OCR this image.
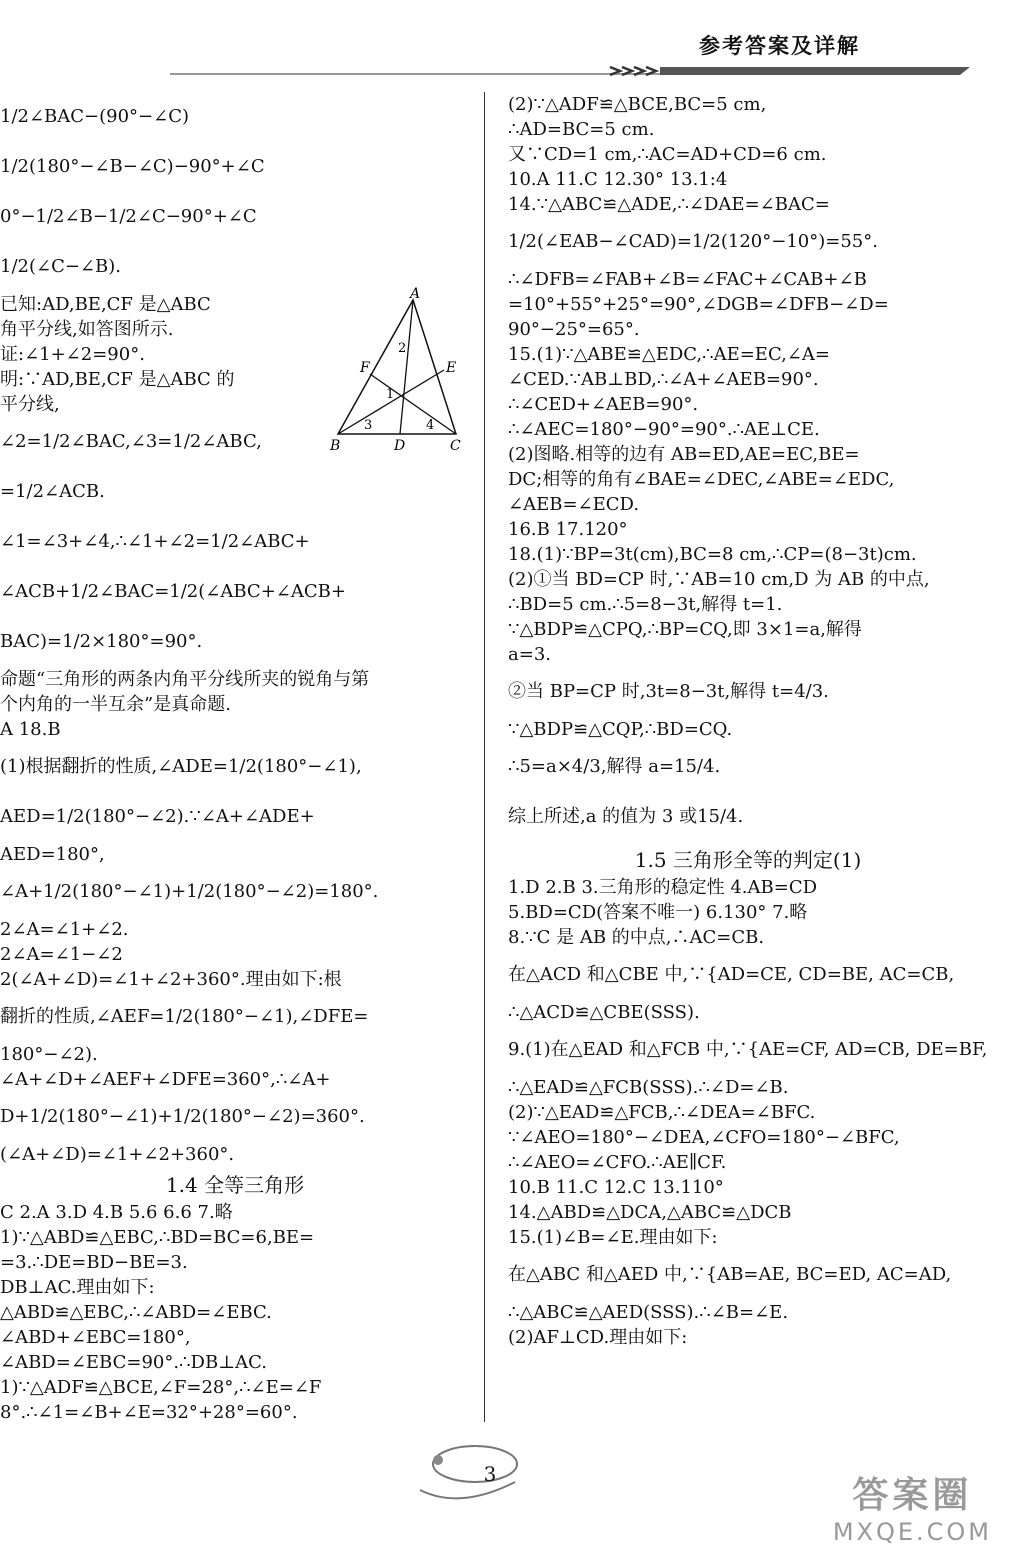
参考答案及详解
1/2∠BAC−(90°−∠C)
1/2(180°−∠B−∠C)−90°+∠C
0°−1/2∠B−1/2∠C−90°+∠C
1/2(∠C−∠B).
已知:AD,BE,CF 是△ABC
角平分线,如答图所示.
证:∠1+∠2=90°.
明:∵AD,BE,CF 是△ABC 的
平分线,
∠2=1/2∠BAC,∠3=1/2∠ABC,
=1/2∠ACB.
∠1=∠3+∠4,∴∠1+∠2=1/2∠ABC+
∠ACB+1/2∠BAC=1/2(∠ABC+∠ACB+
BAC)=1/2×180°=90°.
命题“三角形的两条内角平分线所夹的锐角与第
个内角的一半互余”是真命题.
A 18.B
(1)根据翻折的性质,∠ADE=1/2(180°−∠1),
AED=1/2(180°−∠2).∵∠A+∠ADE+
AED=180°,
∠A+1/2(180°−∠1)+1/2(180°−∠2)=180°.
2∠A=∠1+∠2.
2∠A=∠1−∠2
2(∠A+∠D)=∠1+∠2+360°.理由如下:根
翻折的性质,∠AEF=1/2(180°−∠1),∠DFE=
180°−∠2).
∠A+∠D+∠AEF+∠DFE=360°,∴∠A+
D+1/2(180°−∠1)+1/2(180°−∠2)=360°.
(∠A+∠D)=∠1+∠2+360°.
1.4 全等三角形
C 2.A 3.D 4.B 5.6 6.6 7.略
1)∵△ABD≌△EBC,∴BD=BC=6,BE=
=3.∴DE=BD−BE=3.
DB⊥AC.理由如下:
△ABD≌△EBC,∴∠ABD=∠EBC.
∠ABD+∠EBC=180°,
∠ABD=∠EBC=90°.∴DB⊥AC.
1)∵△ADF≌△BCE,∠F=28°,∴∠E=∠F
8°.∴∠1=∠B+∠E=32°+28°=60°.
A
B	C
D
E
F
1
2
3	4
(2)∵△ADF≌△BCE,BC=5 cm,
∴AD=BC=5 cm.
又∵CD=1 cm,∴AC=AD+CD=6 cm.
10.A 11.C 12.30° 13.1:4
14.∵△ABC≌△ADE,∴∠DAE=∠BAC=
1/2(∠EAB−∠CAD)=1/2(120°−10°)=55°.
∴∠DFB=∠FAB+∠B=∠FAC+∠CAB+∠B
=10°+55°+25°=90°,∠DGB=∠DFB−∠D=
90°−25°=65°.
15.(1)∵△ABE≌△EDC,∴AE=EC,∠A=
∠CED.∵AB⊥BD,∴∠A+∠AEB=90°.
∴∠CED+∠AEB=90°.
∴∠AEC=180°−90°=90°.∴AE⊥CE.
(2)图略.相等的边有 AB=ED,AE=EC,BE=
DC;相等的角有∠BAE=∠DEC,∠ABE=∠EDC,
∠AEB=∠ECD.
16.B 17.120°
18.(1)∵BP=3t(cm),BC=8 cm,∴CP=(8−3t)cm.
(2)①当 BD=CP 时,∵AB=10 cm,D 为 AB 的中点,
∴BD=5 cm.∴5=8−3t,解得 t=1.
∵△BDP≌△CPQ,∴BP=CQ,即 3×1=a,解得
a=3.
②当 BP=CP 时,3t=8−3t,解得 t=4/3.
∵△BDP≌△CQP,∴BD=CQ.
∴5=a×4/3,解得 a=15/4.
综上所述,a 的值为 3 或15/4.
1.5 三角形全等的判定(1)
1.D 2.B 3.三角形的稳定性 4.AB=CD
5.BD=CD(答案不唯一) 6.130° 7.略
8.∵C 是 AB 的中点,∴AC=CB.
在△ACD 和△CBE 中,∵{AD=CE, CD=BE, AC=CB,
∴△ACD≌△CBE(SSS).
9.(1)在△EAD 和△FCB 中,∵{AE=CF, AD=CB, DE=BF,
∴△EAD≌△FCB(SSS).∴∠D=∠B.
(2)∵△EAD≌△FCB,∴∠DEA=∠BFC.
∵∠AEO=180°−∠DEA,∠CFO=180°−∠BFC,
∴∠AEO=∠CFO.∴AE∥CF.
10.B 11.C 12.C 13.110°
14.△ABD≌△DCA,△ABC≌△DCB
15.(1)∠B=∠E.理由如下:
在△ABC 和△AED 中,∵{AB=AE, BC=ED, AC=AD,
∴△ABC≌△AED(SSS).∴∠B=∠E.
(2)AF⊥CD.理由如下:
3
答案圈
MXQE.COM
